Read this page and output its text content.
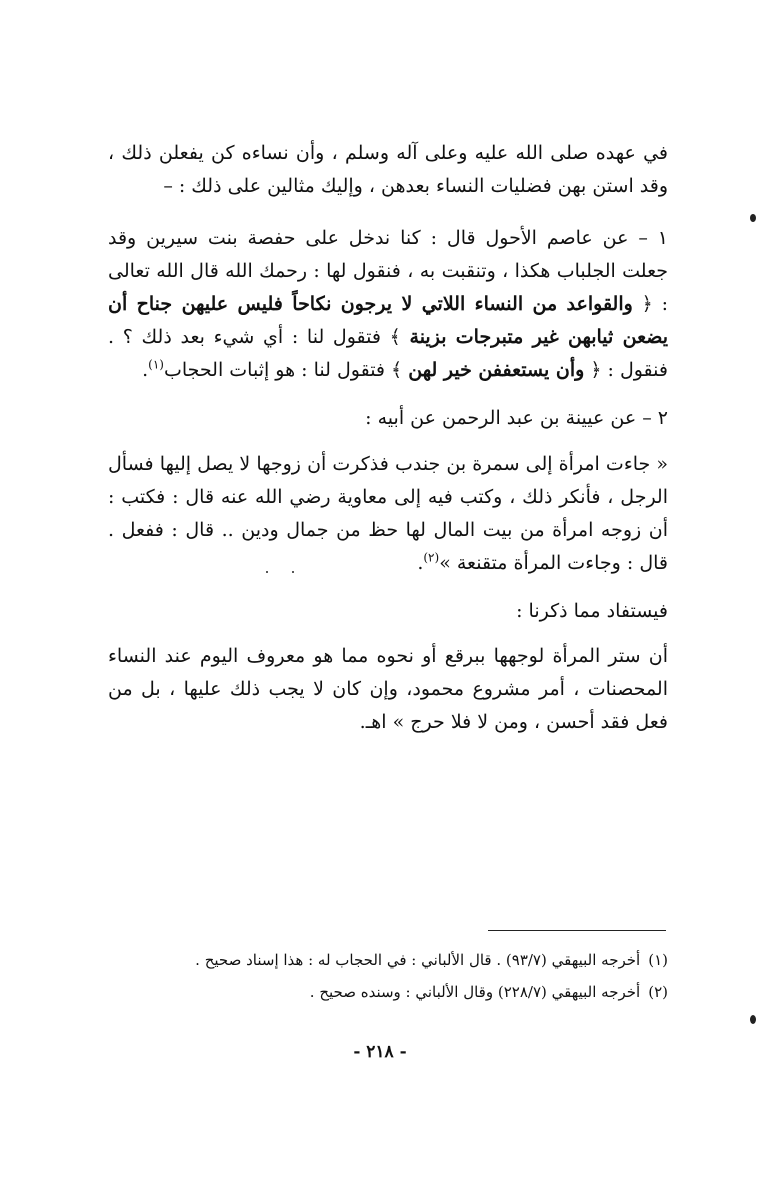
في عهده صلى الله عليه وعلى آله وسلم ، وأن نساءه كن يفعلن ذلك ، وقد استن بهن فضليات النساء بعدهن ، وإليك مثالين على ذلك : –

١ – عن عاصم الأحول قال : كنا ندخل على حفصة بنت سيرين وقد جعلت الجلباب هكذا ، وتنقبت به ، فنقول لها : رحمك الله قال الله تعالى : ﴿ والقواعد من النساء اللاتي لا يرجون نكاحاً فليس عليهن جناح أن يضعن ثيابهن غير متبرجات بزينة ﴾ فتقول لنا : أي شيء بعد ذلك ؟ . فنقول : ﴿ وأن يستعففن خير لهن ﴾ فتقول لنا : هو إثبات الحجاب$^{(١)}$.

٢ – عن عيينة بن عبد الرحمن عن أبيه :

« جاءت امرأة إلى سمرة بن جندب فذكرت أن زوجها لا يصل إليها فسأل الرجل ، فأنكر ذلك ، وكتب فيه إلى معاوية رضي الله عنه قال : فكتب : أن زوجه امرأة من بيت المال لها حظ من جمال ودين .. قال : ففعل . قال : وجاءت المرأة متقنعة »$^{(٢)}$.

فيستفاد مما ذكرنا :

أن ستر المرأة لوجهها ببرقع أو نحوه مما هو معروف اليوم عند النساء المحصنات ، أمر مشروع محمود، وإن كان لا يجب ذلك عليها ، بل من فعل فقد أحسن ، ومن لا فلا حرج » اهـ.

(١)أخرجه البيهقي (٩٣/٧) . قال الألباني : في الحجاب له : هذا إسناد صحيح .
(٢)أخرجه البيهقي (٢٢٨/٧) وقال الألباني : وسنده صحيح .
- ٢١٨ -
